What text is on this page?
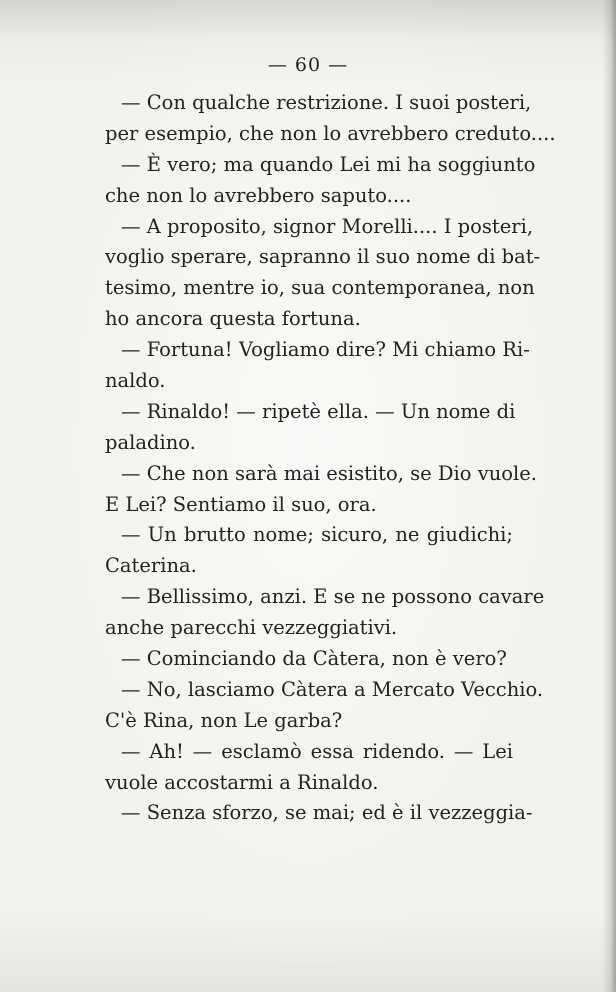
— 60 —
— Con qualche restrizione. I suoi posteri,
per esempio, che non lo avrebbero creduto....
— È vero; ma quando Lei mi ha soggiunto
che non lo avrebbero saputo....
— A proposito, signor Morelli.... I posteri,
voglio sperare, sapranno il suo nome di bat-
tesimo, mentre io, sua contemporanea, non
ho ancora questa fortuna.
— Fortuna! Vogliamo dire? Mi chiamo Ri-
naldo.
— Rinaldo! — ripetè ella. — Un nome di
paladino.
— Che non sarà mai esistito, se Dio vuole.
E Lei? Sentiamo il suo, ora.
— Un brutto nome; sicuro, ne giudichi;
Caterina.
— Bellissimo, anzi. E se ne possono cavare
anche parecchi vezzeggiativi.
— Cominciando da Càtera, non è vero?
— No, lasciamo Càtera a Mercato Vecchio.
C'è Rina, non Le garba?
— Ah! — esclamò essa ridendo. — Lei
vuole accostarmi a Rinaldo.
— Senza sforzo, se mai; ed è il vezzeggia-
